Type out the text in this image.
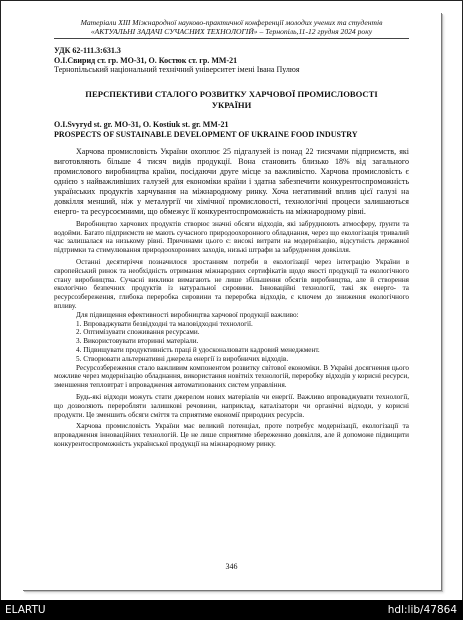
Матеріали XIII Міжнародної науково-практичної конференції молодих учених та студентів
«АКТУАЛЬНІ ЗАДАЧІ СУЧАСНИХ ТЕХНОЛОГІЙ» – Тернопіль,11-12 грудня 2024 року
УДК 62-111.3:631.3
О.І.Свирид ст. гр. МО-31, О. Костюк ст. гр. ММ-21
Тернопільський національний технічний університет імені Івана Пулюя
ПЕРСПЕКТИВИ СТАЛОГО РОЗВИТКУ ХАРЧОВОЇ ПРОМИСЛОВОСТІ УКРАЇНИ
O.I.Svyryd st. gr. MO-31, O. Kostiuk st. gr. MM-21
PROSPECTS OF SUSTAINABLE DEVELOPMENT OF UKRAINE FOOD INDUSTRY

Харчова промисловість України охоплює 25 підгалузей із понад 22 тисячами підприємств, які виготовляють більше 4 тисяч видів продукції. Вона становить близько 18% від загального промислового виробництва країни, посідаючи друге місце за важливістю. Харчова промисловість є однією з найважливіших галузей для економіки країни і здатна забезпечити конкурентоспроможність українських продуктів харчування на міжнародному ринку. Хоча негативний вплив цієї галузі на довкілля менший, ніж у металургії чи хімічної промисловості, технологічні процеси залишаються енерго- та ресурсоємними, що обмежує її конкурентоспроможність на міжнародному рівні.

Виробництво харчових продуктів створює значні обсяги відходів, які забруднюють атмосферу, ґрунти та водойми. Багато підприємств не мають сучасного природоохоронного обладнання, через що екологізація тривалий час залишалася на низькому рівні. Причинами цього є: високі витрати на модернізацію, відсутність державної підтримки та стимулювання природоохоронних заходів, низькі штрафи за забруднення довкілля.

Останні десятиріччя позначилося зростанням потреби в екологізації через інтеграцію України в європейський ринок та необхідність отримання міжнародних сертифікатів щодо якості продукції та екологічного стану виробництва. Сучасні виклики вимагають не лише збільшення обсягів виробництва, але й створення екологічно безпечних продуктів із натуральної сировини. Інноваційні технології, такі як енерго- та ресурсозбереження, глибока переробка сировини та переробка відходів, є ключем до зниження екологічного впливу.

Для підвищення ефективності виробництва харчової продукції важливо:

1. Впроваджувати безвідходні та маловідходні технології.

2. Оптимізувати споживання ресурсами.

3. Використовувати вторинні матеріали.

4. Підвищувати продуктивність праці й удосконалювати кадровий менеджмент.

5. Створювати альтернативні джерела енергії із виробничих відходів.

Ресурсозбереження стало важливим компонентом розвитку світової економіки. В Україні досягнення цього можливе через модернізацію обладнання, використання новітніх технологій, переробку відходів у корисні ресурси, зменшення тепловтрат і впровадження автоматизованих систем управління.

Будь-які відходи можуть стати джерелом нових матеріалів чи енергії. Важливо впроваджувати технології, що дозволяють переробляти залишкові речовини, наприклад, каталізатори чи органічні відходи, у корисні продукти. Це зменшить обсяги сміття та сприятиме економії природних ресурсів.

Харчова промисловість України має великий потенціал, проте потребує модернізації, екологізації та впровадження інноваційних технологій. Це не лише сприятиме збереженню довкілля, але й допоможе підвищити конкурентоспроможність української продукції на міжнародному ринку.

346
ELARTU	hdl:lib/47864
